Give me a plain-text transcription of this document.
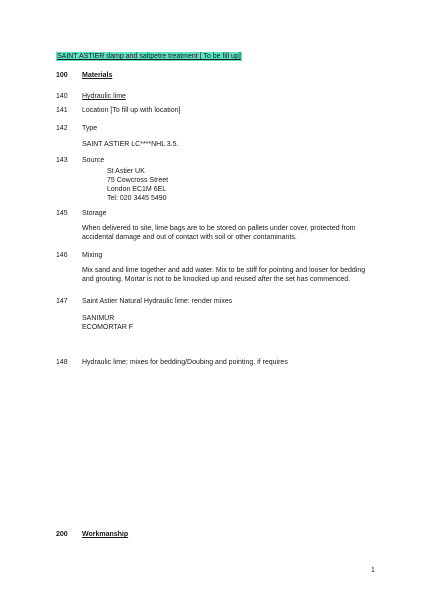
SAINT ASTIER damp and saltpetre treatment [ To be fill up]
100 Materials
140 Hydraulic lime
141 Location [To fill up with location]
142 Type
SAINT ASTIER LC****NHL 3.5.
143 Source
St Astier UK
75 Cowcross Street
London EC1M 6EL
Tel: 020 3445 5490
145 Storage
When delivered to site, lime bags are to be stored on pallets under cover, protected from accidental damage and out of contact with soil or other contaminants.
146 Mixing
Mix sand and lime together and add water. Mix to be stiff for pointing and looser for bedding and grouting. Mortar is not to be knocked up and reused after the set has commenced.
147 Saint Astier Natural Hydraulic lime: render mixes
SANIMUR
ECOMORTAR F
148 Hydraulic lime: mixes for bedding/Doubing and pointing, if requires
200 Workmanship
1
